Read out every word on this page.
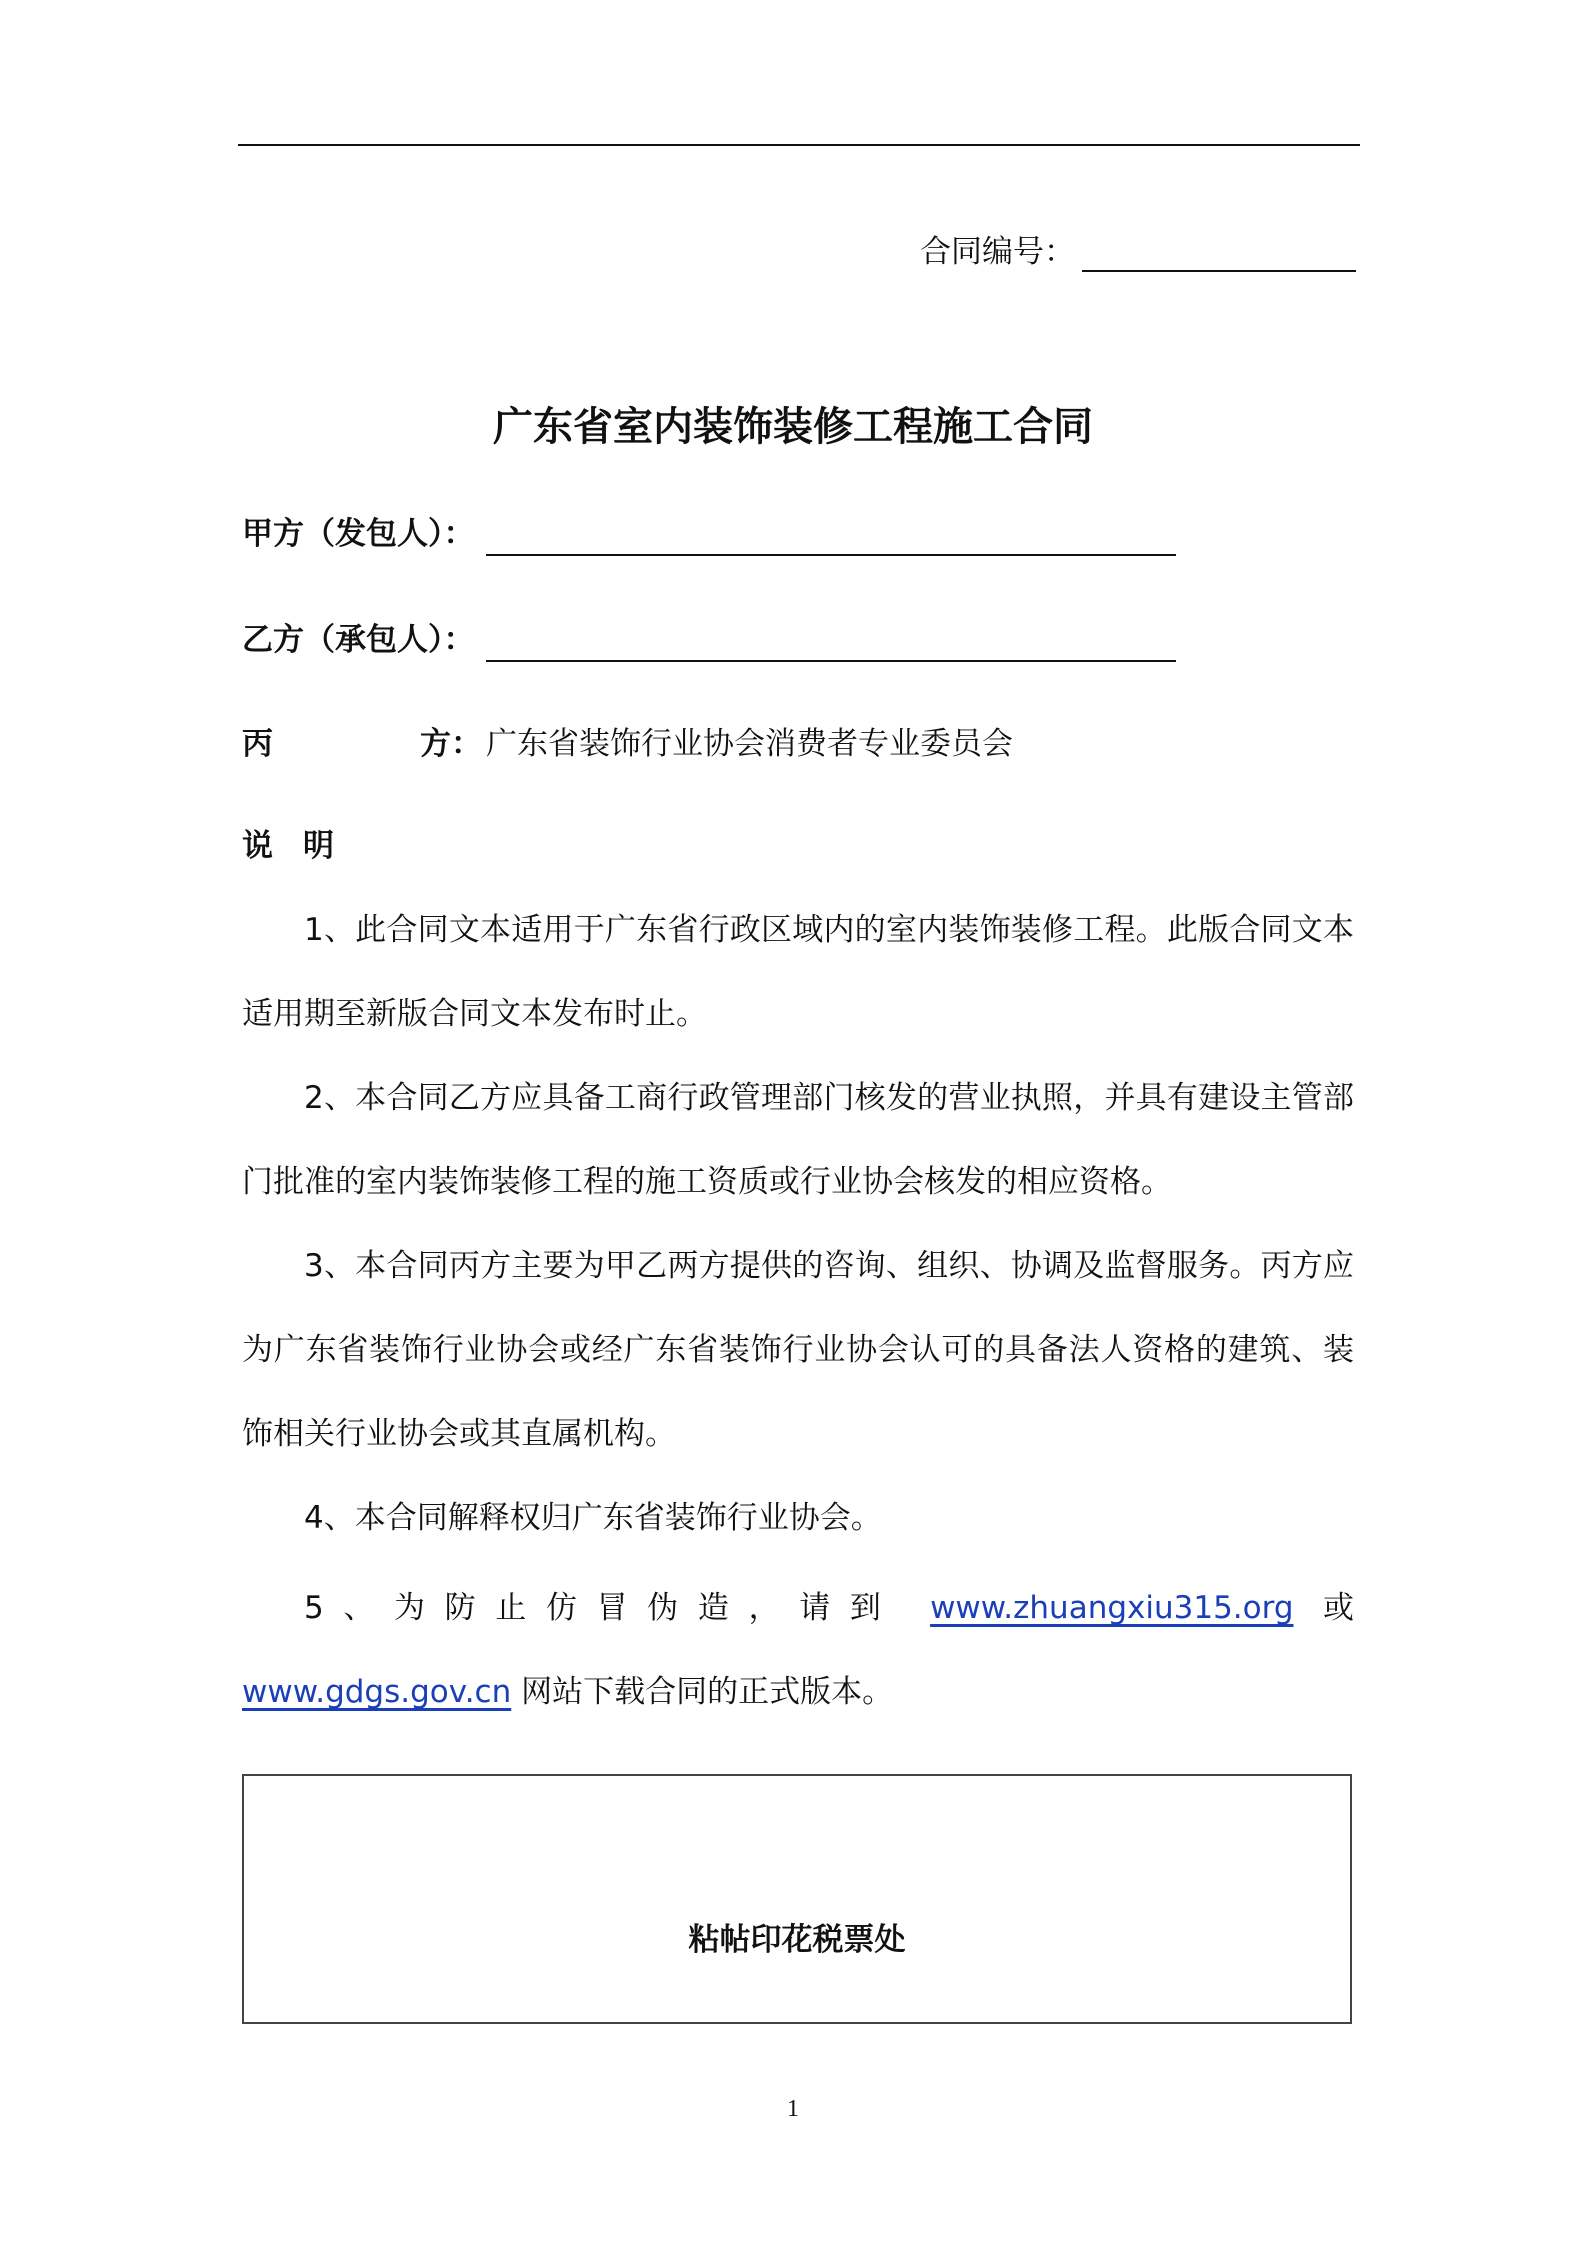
合同编号：
广东省室内装饰装修工程施工合同
甲方（发包人）：
乙方（承包人）：
丙	方： 广东省装饰行业协会消费者专业委员会
说明
1、此合同文本适用于广东省行政区域内的室内装饰装修工程。此版合同文本适用期至新版合同文本发布时止。
2、本合同乙方应具备工商行政管理部门核发的营业执照，并具有建设主管部门批准的室内装饰装修工程的施工资质或行业协会核发的相应资格。
3、本合同丙方主要为甲乙两方提供的咨询、组织、协调及监督服务。丙方应为广东省装饰行业协会或经广东省装饰行业协会认可的具备法人资格的建筑、装饰相关行业协会或其直属机构。
4、本合同解释权归广东省装饰行业协会。
5、为防止仿冒伪造，请到 www.zhuangxiu315.org 或 www.gdgs.gov.cn 网站下载合同的正式版本。
粘帖印花税票处
1
